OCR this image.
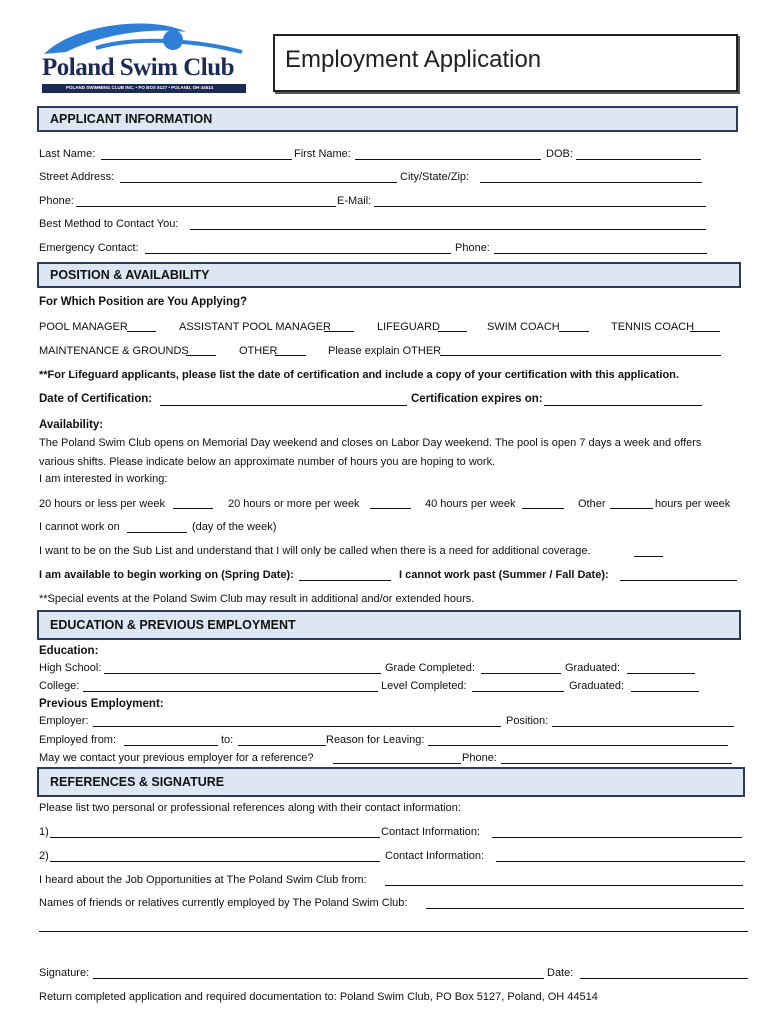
Poland Swim Club
POLAND SWIMMING CLUB INC. • PO BOX 5127 • POLAND, OH 44514
Employment Application
APPLICANT INFORMATION
Last Name:	First Name:	DOB:
Street Address:	City/State/Zip:
Phone:	E-Mail:
Best Method to Contact You:
Emergency Contact:	Phone:
POSITION & AVAILABILITY
For Which Position are You Applying?
POOL MANAGER	ASSISTANT POOL MANAGER	LIFEGUARD	SWIM COACH	TENNIS COACH
MAINTENANCE & GROUNDS	OTHER	Please explain OTHER
**For Lifeguard applicants, please list the date of certification and include a copy of your certification with this application.
Date of Certification:	Certification expires on:
Availability:
The Poland Swim Club opens on Memorial Day weekend and closes on Labor Day weekend. The pool is open 7 days a week and offers
various shifts. Please indicate below an approximate number of hours you are hoping to work.
I am interested in working:
20 hours or less per week	20 hours or more per week	40 hours per week	Other	hours per week
I cannot work on	(day of the week)
I want to be on the Sub List and understand that I will only be called when there is a need for additional coverage.
I am available to begin working on (Spring Date):	I cannot work past (Summer / Fall Date):
**Special events at the Poland Swim Club may result in additional and/or extended hours.
EDUCATION & PREVIOUS EMPLOYMENT
Education:
High School:	Grade Completed:	Graduated:
College:	Level Completed:	Graduated:
Previous Employment:
Employer:	Position:
Employed from:	to:	Reason for Leaving:
May we contact your previous employer for a reference?	Phone:
REFERENCES & SIGNATURE
Please list two personal or professional references along with their contact information:
1)	Contact Information:
2)	Contact Information:
I heard about the Job Opportunities at The Poland Swim Club from:
Names of friends or relatives currently employed by The Poland Swim Club:
Signature:	Date:
Return completed application and required documentation to: Poland Swim Club, PO Box 5127, Poland, OH 44514
